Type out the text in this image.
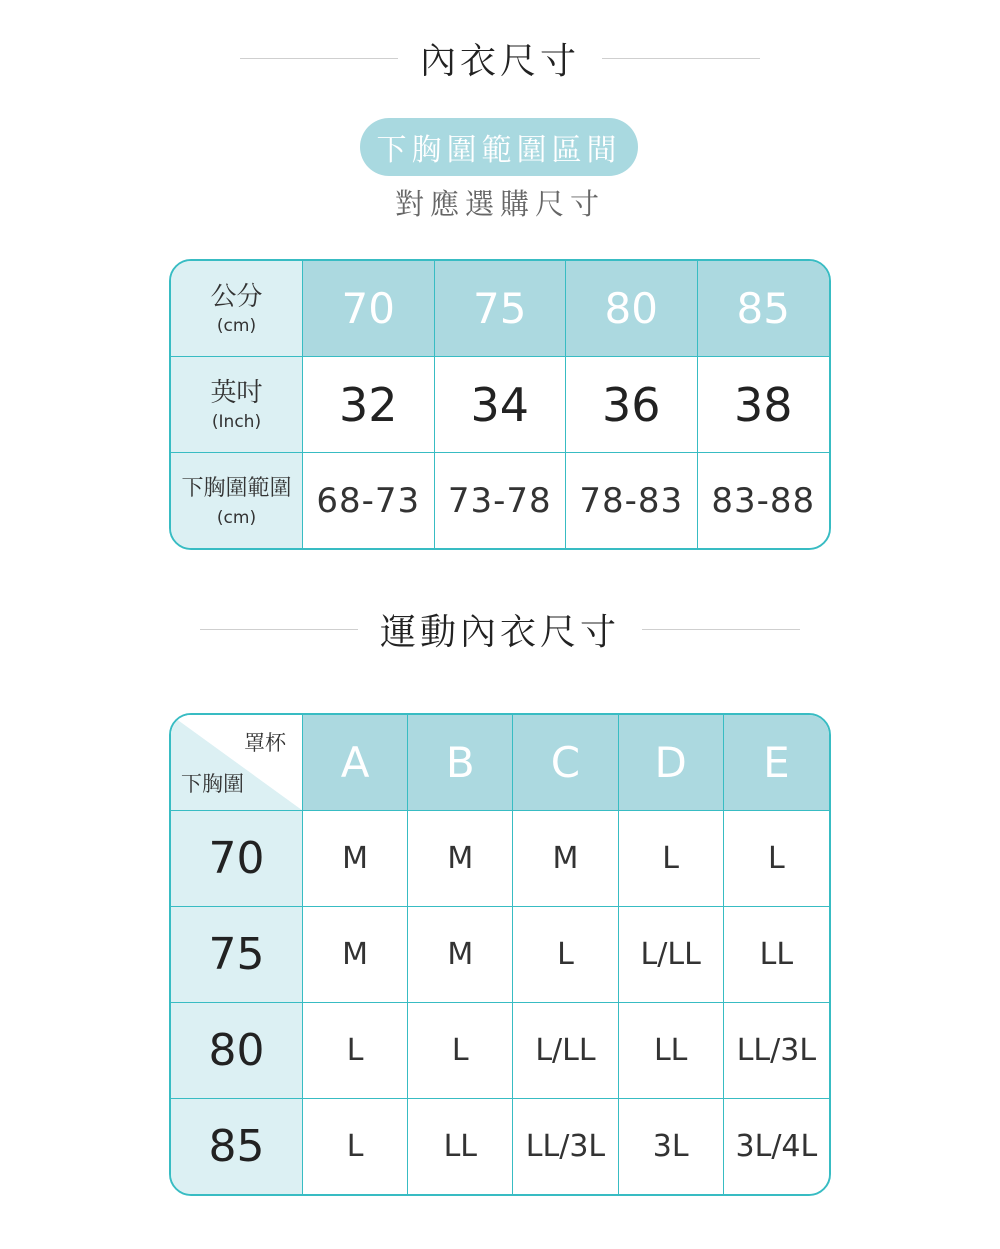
內衣尺寸
下胸圍範圍區間
對應選購尺寸
公分
(cm)	70	75	80	85

英吋
(Inch)	32	34	36	38

下胸圍範圍
(cm)	68-73	73-78	78-83	83-88
運動內衣尺寸
罩杯
下胸圍	A	B	C	D	E
70	M	M	M	L	L
75	M	M	L	L/LL	LL
80	L	L	L/LL	LL	LL/3L
85	L	LL	LL/3L	3L	3L/4L
